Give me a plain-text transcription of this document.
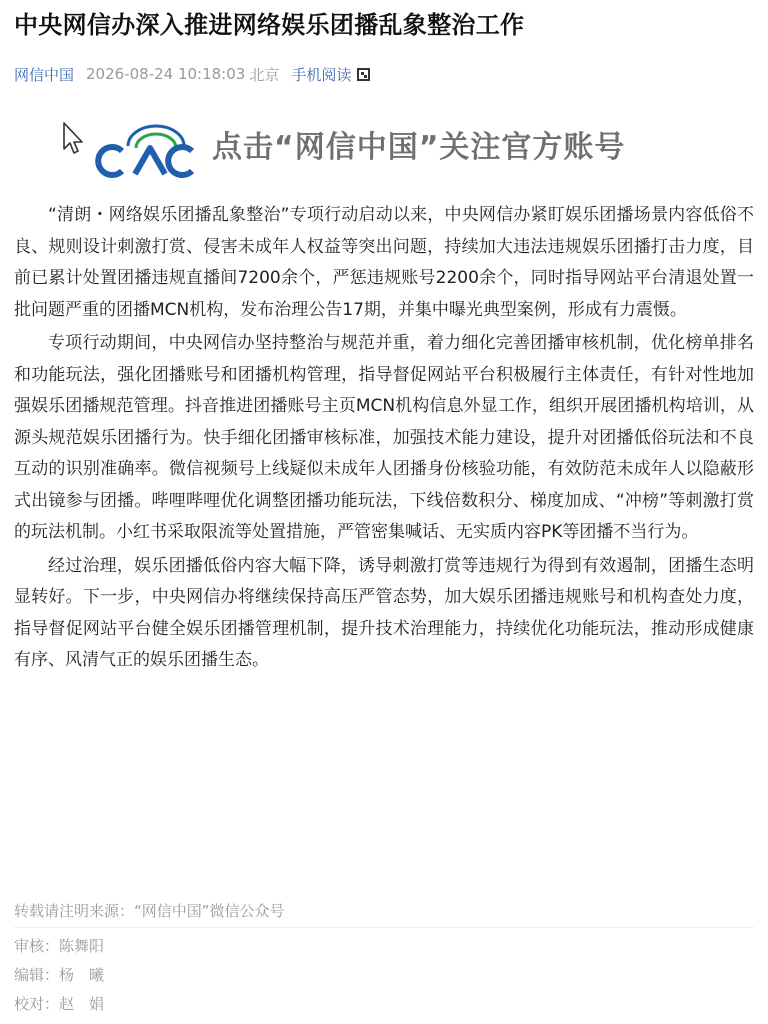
中央网信办深入推进网络娱乐团播乱象整治工作
网信中国 2026-08-24 10:18:03 北京 手机阅读
点击“网信中国”关注官方账号

“清朗・网络娱乐团播乱象整治”专项行动启动以来，中央网信办紧盯娱乐团播场景内容低俗不良、规则设计刺激打赏、侵害未成年人权益等突出问题，持续加大违法违规娱乐团播打击力度，目前已累计处置团播违规直播间7200余个，严惩违规账号2200余个，同时指导网站平台清退处置一批问题严重的团播MCN机构，发布治理公告17期，并集中曝光典型案例，形成有力震慑。

专项行动期间，中央网信办坚持整治与规范并重，着力细化完善团播审核机制，优化榜单排名和功能玩法，强化团播账号和团播机构管理，指导督促网站平台积极履行主体责任，有针对性地加强娱乐团播规范管理。抖音推进团播账号主页MCN机构信息外显工作，组织开展团播机构培训，从源头规范娱乐团播行为。快手细化团播审核标准，加强技术能力建设，提升对团播低俗玩法和不良互动的识别准确率。微信视频号上线疑似未成年人团播身份核验功能，有效防范未成年人以隐蔽形式出镜参与团播。哔哩哔哩优化调整团播功能玩法，下线倍数积分、梯度加成、“冲榜”等刺激打赏的玩法机制。小红书采取限流等处置措施，严管密集喊话、无实质内容PK等团播不当行为。

经过治理，娱乐团播低俗内容大幅下降，诱导刺激打赏等违规行为得到有效遏制，团播生态明显转好。下一步，中央网信办将继续保持高压严管态势，加大娱乐团播违规账号和机构查处力度，指导督促网站平台健全娱乐团播管理机制，提升技术治理能力，持续优化功能玩法，推动形成健康有序、风清气正的娱乐团播生态。

转载请注明来源：“网信中国”微信公众号
审核：陈舞阳
编辑：杨　曦
校对：赵　娟
